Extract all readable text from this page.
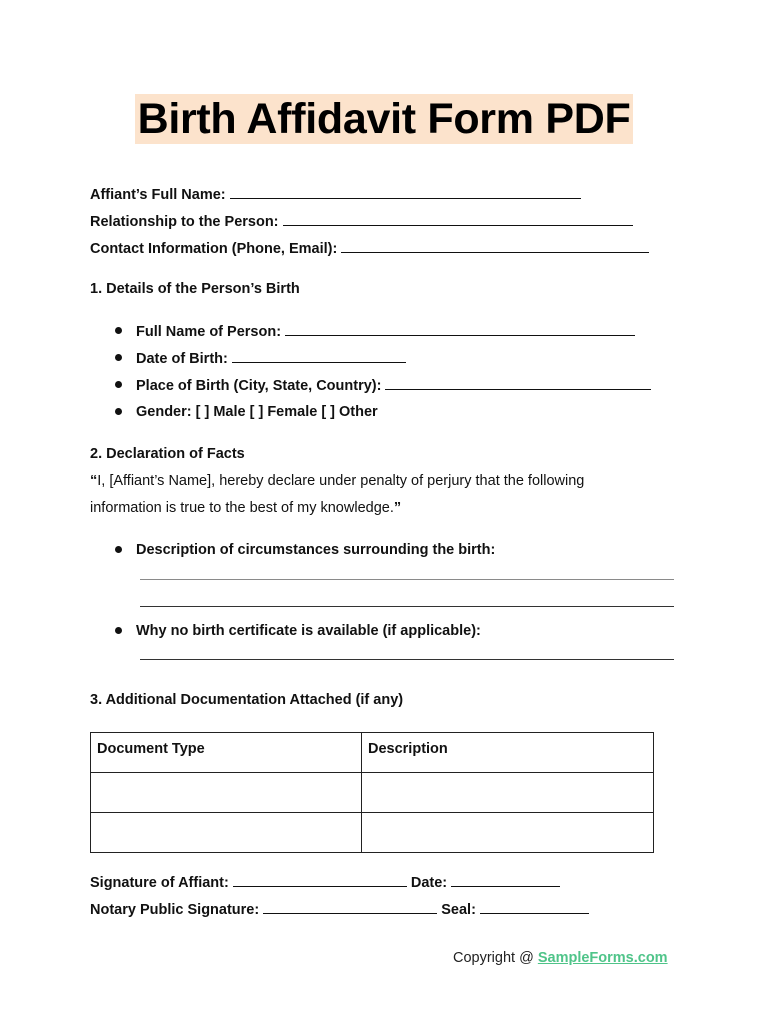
Birth Affidavit Form PDF
Affiant’s Full Name:
Relationship to the Person:
Contact Information (Phone, Email):
1. Details of the Person’s Birth
Full Name of Person:
Date of Birth:
Place of Birth (City, State, Country):
Gender: [ ] Male [ ] Female [ ] Other
2. Declaration of Facts
“I, [Affiant’s Name], hereby declare under penalty of perjury that the following
information is true to the best of my knowledge.”
Description of circumstances surrounding the birth:
Why no birth certificate is available (if applicable):
3. Additional Documentation Attached (if any)
Document Type	Description

Signature of Affiant:	Date:
Notary Public Signature:	Seal:
Copyright @ SampleForms.com
